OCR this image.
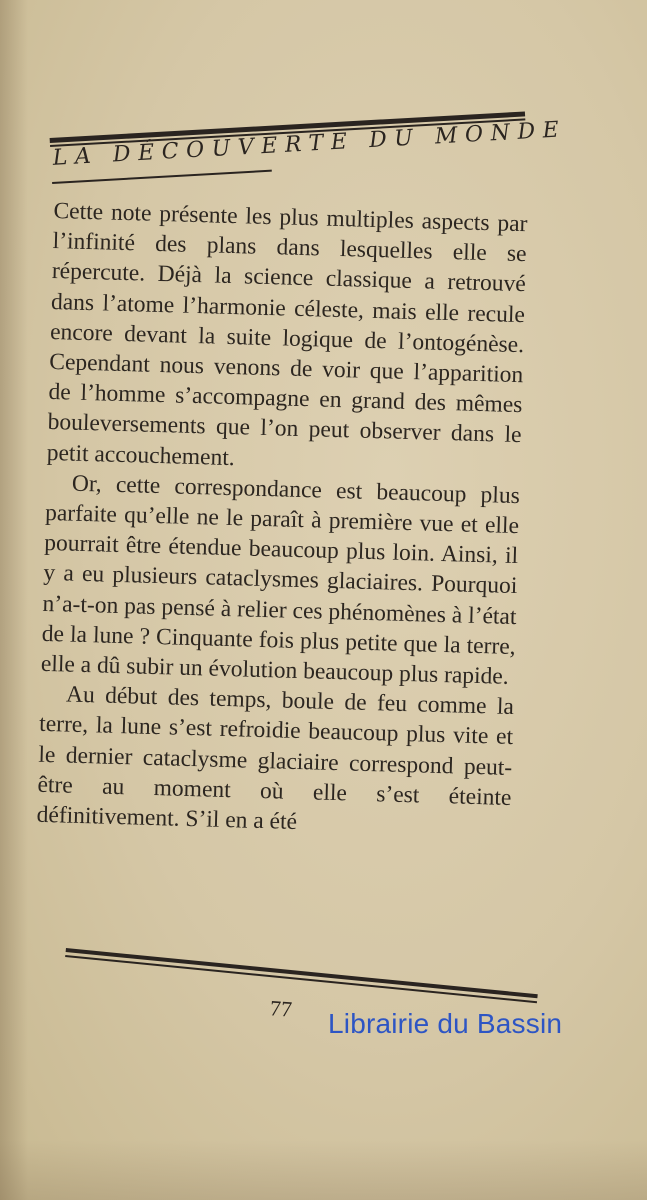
LA DÉCOUVERTE DU MONDE

Cette note présente les plus multiples aspects par l’infinité des plans dans lesquelles elle se répercute. Déjà la science classique a retrouvé dans l’atome l’harmonie céleste, mais elle recule encore devant la suite logique de l’ontogénèse. Cependant nous venons de voir que l’apparition de l’homme s’accompagne en grand des mêmes bouleversements que l’on peut observer dans le petit accouchement.

Or, cette correspondance est beaucoup plus parfaite qu’elle ne le paraît à première vue et elle pourrait être étendue beaucoup plus loin. Ainsi, il y a eu plusieurs cataclysmes glaciaires. Pourquoi n’a-t-on pas pensé à relier ces phénomènes à l’état de la lune ? Cinquante fois plus petite que la terre, elle a dû subir un évolution beaucoup plus rapide.

Au début des temps, boule de feu comme la terre, la lune s’est refroidie beaucoup plus vite et le dernier cataclysme glaciaire correspond peut-être au moment où elle s’est éteinte définitivement. S’il en a été

77 Librairie du Bassin
